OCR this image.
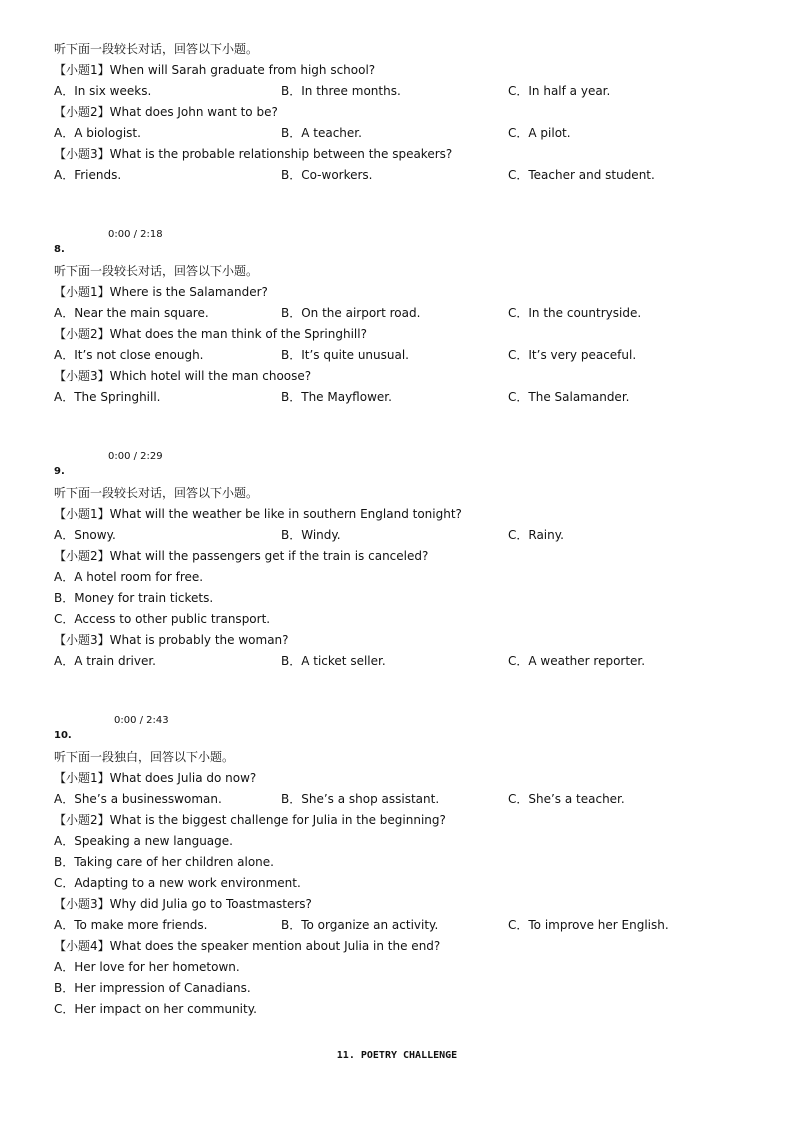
听下面一段较长对话，回答以下小题。
【小题1】When will Sarah graduate from high school?
A．In six weeks.	B．In three months.	C．In half a year.
【小题2】What does John want to be?
A．A biologist.	B．A teacher.	C．A pilot.
【小题3】What is the probable relationship between the speakers?
A．Friends.	B．Co-workers.	C．Teacher and student.
0:00 / 2:18
8.
听下面一段较长对话，回答以下小题。
【小题1】Where is the Salamander?
A．Near the main square.	B．On the airport road.	C．In the countryside.
【小题2】What does the man think of the Springhill?
A．It’s not close enough.	B．It’s quite unusual.	C．It’s very peaceful.
【小题3】Which hotel will the man choose?
A．The Springhill.	B．The Mayflower.	C．The Salamander.
0:00 / 2:29
9.
听下面一段较长对话，回答以下小题。
【小题1】What will the weather be like in southern England tonight?
A．Snowy.	B．Windy.	C．Rainy.
【小题2】What will the passengers get if the train is canceled?
A．A hotel room for free.
B．Money for train tickets.
C．Access to other public transport.
【小题3】What is probably the woman?
A．A train driver.	B．A ticket seller.	C．A weather reporter.
0:00 / 2:43
10.
听下面一段独白，回答以下小题。
【小题1】What does Julia do now?
A．She’s a businesswoman.	B．She’s a shop assistant.	C．She’s a teacher.
【小题2】What is the biggest challenge for Julia in the beginning?
A．Speaking a new language.
B．Taking care of her children alone.
C．Adapting to a new work environment.
【小题3】Why did Julia go to Toastmasters?
A．To make more friends.	B．To organize an activity.	C．To improve her English.
【小题4】What does the speaker mention about Julia in the end?
A．Her love for her hometown.
B．Her impression of Canadians.
C．Her impact on her community.
11. POETRY CHALLENGE
